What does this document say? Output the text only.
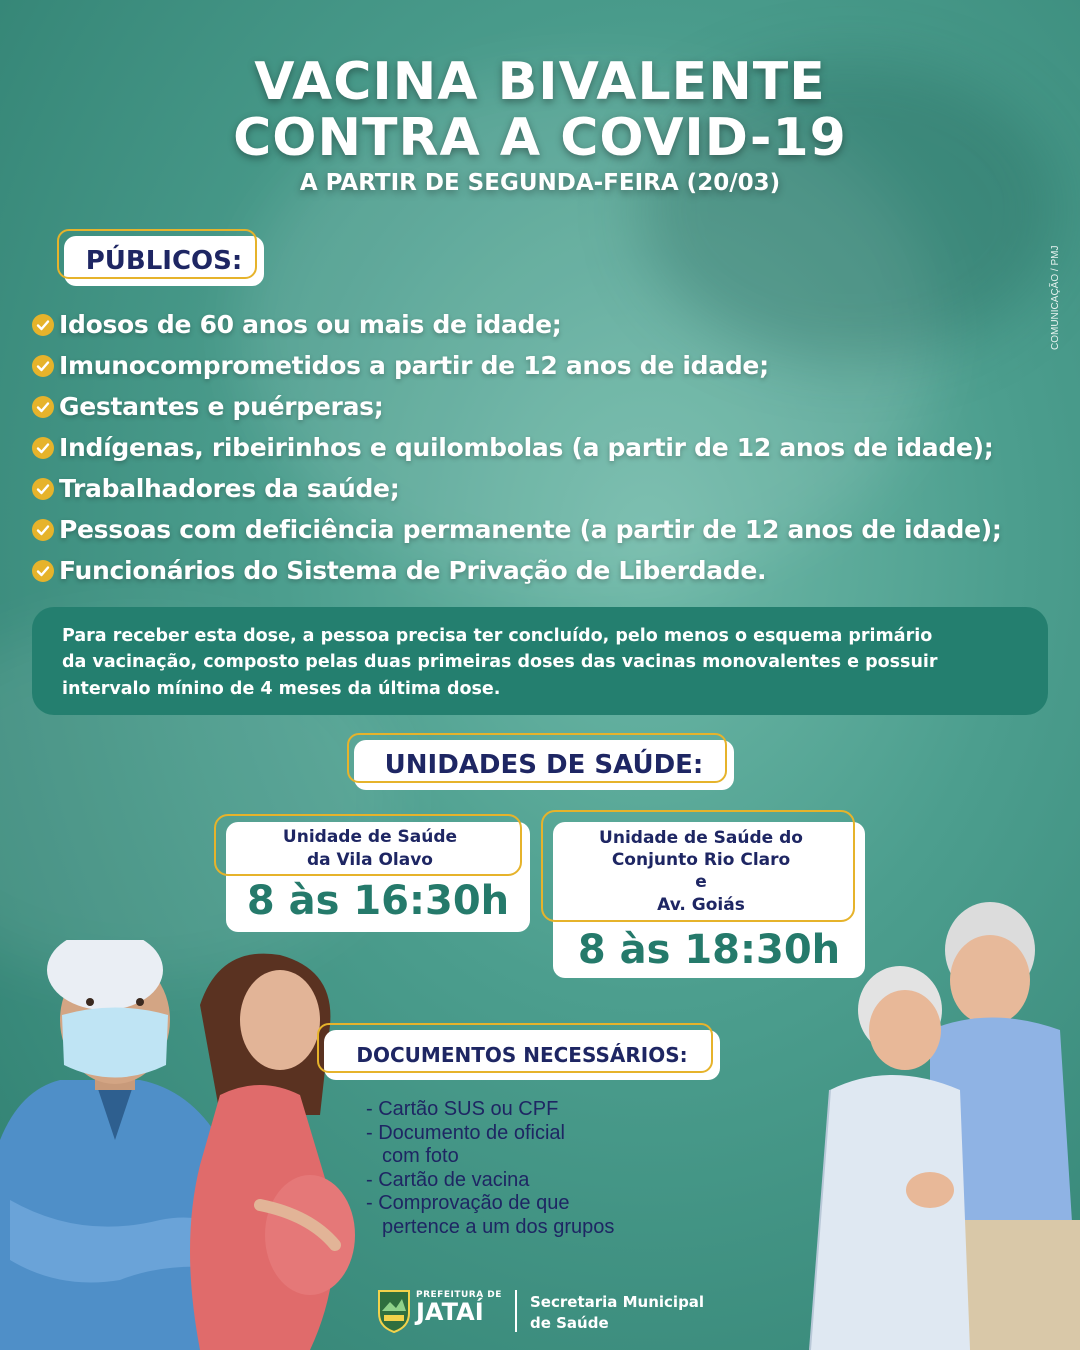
VACINA BIVALENTE
CONTRA A COVID-19
A PARTIR DE SEGUNDA-FEIRA (20/03)
COMUNICAÇÃO / PMJ
PÚBLICOS:
Idosos de 60 anos ou mais de idade;
Imunocomprometidos a partir de 12 anos de idade;
Gestantes e puérperas;
Indígenas, ribeirinhos e quilombolas (a partir de 12 anos de idade);
Trabalhadores da saúde;
Pessoas com deficiência permanente (a partir de 12 anos de idade);
Funcionários do Sistema de Privação de Liberdade.
Para receber esta dose, a pessoa precisa ter concluído, pelo menos o esquema primário
da vacinação, composto pelas duas primeiras doses das vacinas monovalentes e possuir
intervalo mínino de 4 meses da última dose.
UNIDADES DE SAÚDE:
Unidade de Saúde
da Vila Olavo
8 às 16:30h
Unidade de Saúde do
Conjunto Rio Claro
e
Av. Goiás
8 às 18:30h
DOCUMENTOS NECESSÁRIOS:
- Cartão SUS ou CPF
- Documento de oficial
com foto
- Cartão de vacina
- Comprovação de que
pertence a um dos grupos
PREFEITURA DE
JATAÍ	Secretaria Municipal
de Saúde
